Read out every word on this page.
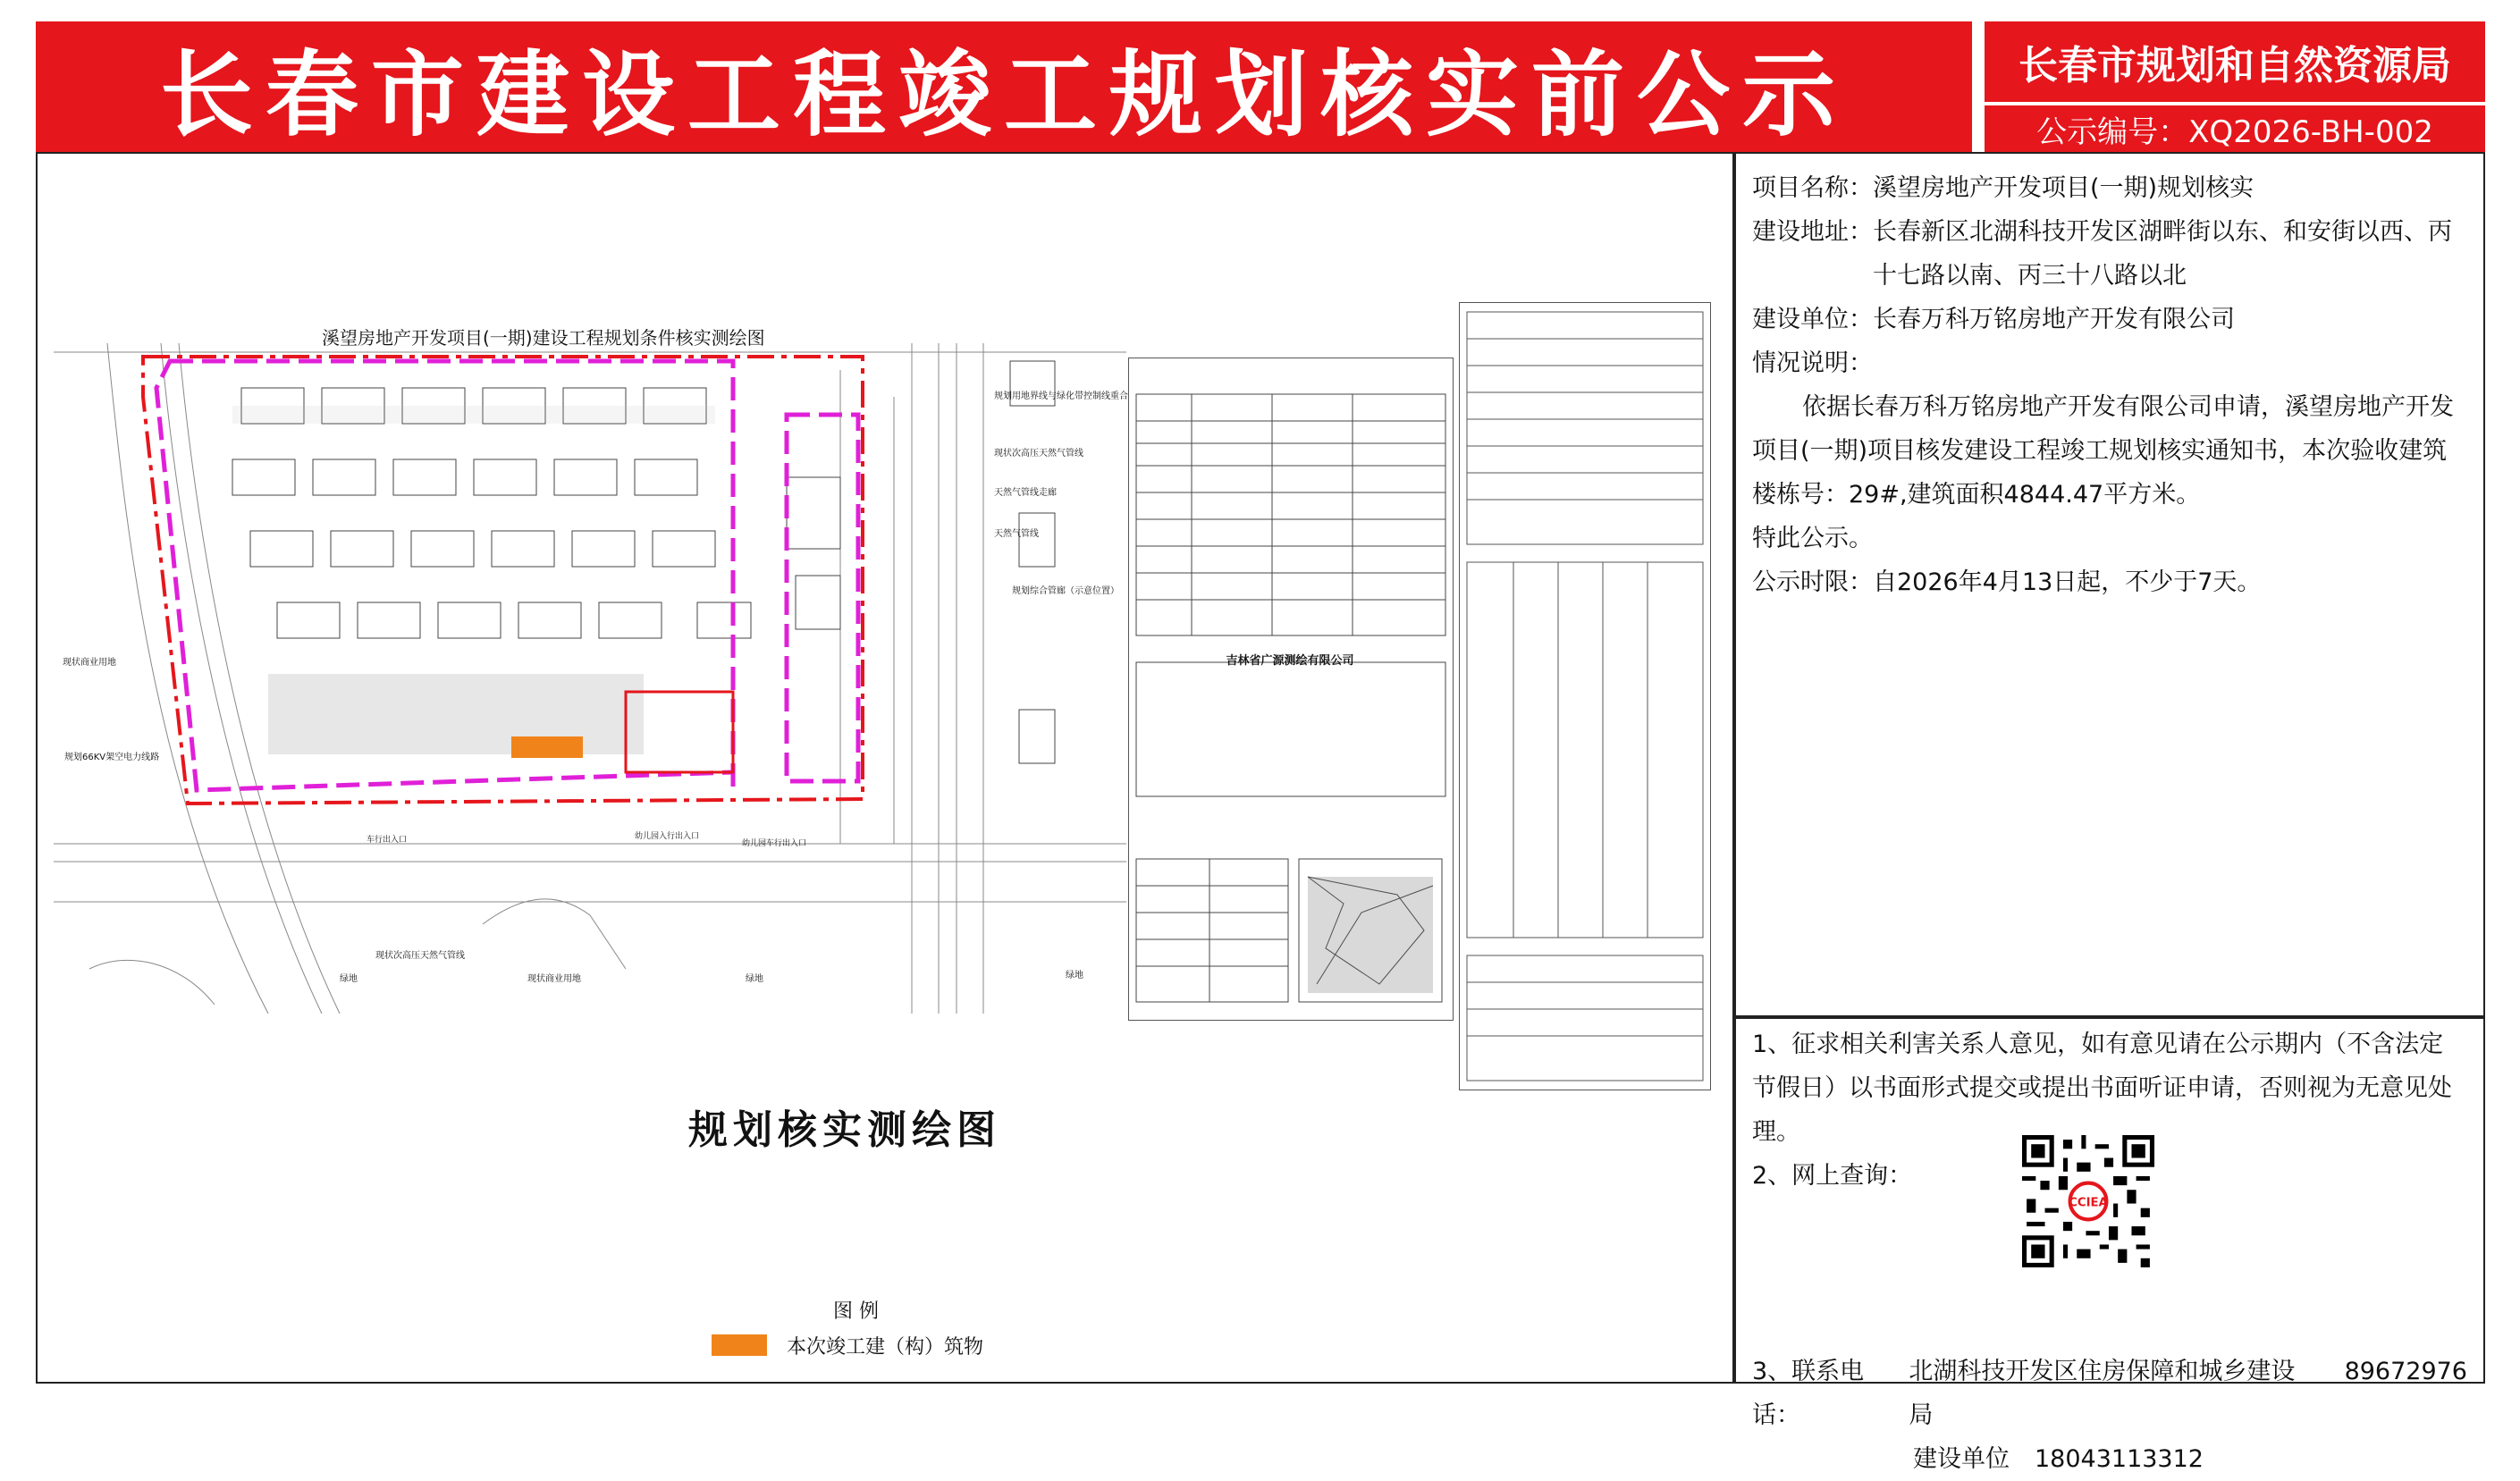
长春市建设工程竣工规划核实前公示	长春市规划和自然资源局
公示编号：XQ2026-BH-002
溪望房地产开发项目(一期)建设工程规划条件核实测绘图
规划用地界线与绿化带控制线重合
现状次高压天然气管线
天然气管线走廊
天然气管线
规划综合管廊（示意位置）
现状商业用地
规划66KV架空电力线路
现状次高压天然气管线
绿地	现状商业用地	绿地	绿地
幼儿园入行出入口
幼儿园车行出入口
车行出入口
吉林省广源测绘有限公司
规划核实测绘图
图 例
本次竣工建（构）筑物
项目名称： 溪望房地产开发项目(一期)规划核实
建设地址： 长春新区北湖科技开发区湖畔街以东、和安街以西、丙十七路以南、丙三十八路以北
建设单位： 长春万科万铭房地产开发有限公司
情况说明：
依据长春万科万铭房地产开发有限公司申请，溪望房地产开发项目(一期)项目核发建设工程竣工规划核实通知书，本次验收建筑楼栋号：29#,建筑面积4844.47平方米。
特此公示。
公示时限： 自2026年4月13日起，不少于7天。
1、征求相关利害关系人意见，如有意见请在公示期内（不含法定节假日）以书面形式提交或提出书面听证申请，否则视为无意见处理。
2、网上查询：
3、联系电话：
北湖科技开发区住房保障和城乡建设局
89672976
建设单位 18043113312
CCIEA
